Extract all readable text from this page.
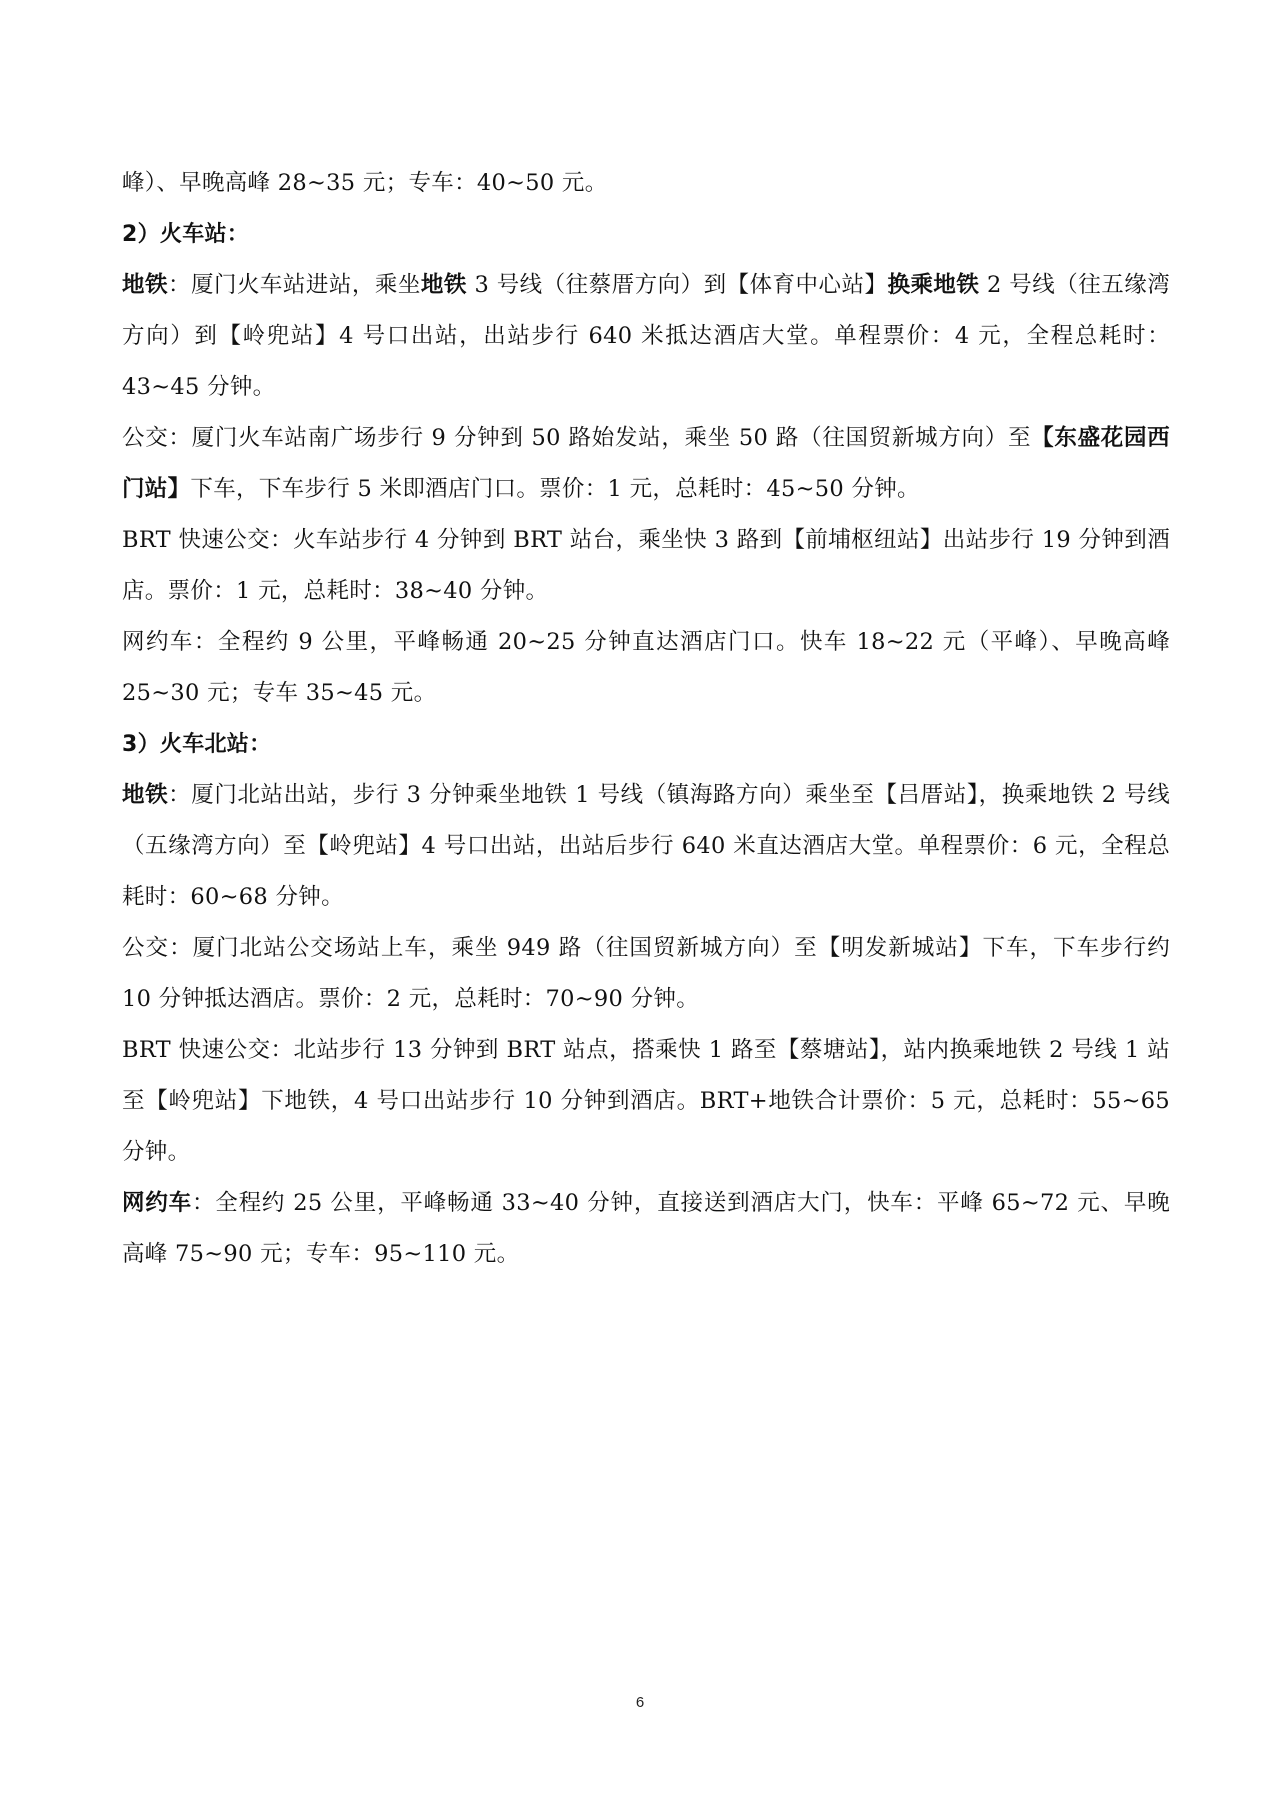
峰）、早晚高峰 28~35 元；专车：40~50 元。

2）火车站：

地铁：厦门火车站进站，乘坐地铁 3 号线（往蔡厝方向）到【体育中心站】换乘地铁 2 号线（往五缘湾方向）到【岭兜站】4 号口出站，出站步行 640 米抵达酒店大堂。单程票价：4 元，全程总耗时：43~45 分钟。

公交：厦门火车站南广场步行 9 分钟到 50 路始发站，乘坐 50 路（往国贸新城方向）至【东盛花园西门站】下车，下车步行 5 米即酒店门口。票价：1 元，总耗时：45~50 分钟。

BRT 快速公交：火车站步行 4 分钟到 BRT 站台，乘坐快 3 路到【前埔枢纽站】出站步行 19 分钟到酒店。票价：1 元，总耗时：38~40 分钟。

网约车：全程约 9 公里，平峰畅通 20~25 分钟直达酒店门口。快车 18~22 元（平峰）、早晚高峰 25~30 元；专车 35~45 元。

3）火车北站：

地铁：厦门北站出站，步行 3 分钟乘坐地铁 1 号线（镇海路方向）乘坐至【吕厝站】，换乘地铁 2 号线（五缘湾方向）至【岭兜站】4 号口出站，出站后步行 640 米直达酒店大堂。单程票价：6 元，全程总耗时：60~68 分钟。

公交：厦门北站公交场站上车，乘坐 949 路（往国贸新城方向）至【明发新城站】下车，下车步行约 10 分钟抵达酒店。票价：2 元，总耗时：70~90 分钟。

BRT 快速公交：北站步行 13 分钟到 BRT 站点，搭乘快 1 路至【蔡塘站】，站内换乘地铁 2 号线 1 站至【岭兜站】下地铁，4 号口出站步行 10 分钟到酒店。BRT+地铁合计票价：5 元，总耗时：55~65 分钟。

网约车：全程约 25 公里，平峰畅通 33~40 分钟，直接送到酒店大门，快车：平峰 65~72 元、早晚高峰 75~90 元；专车：95~110 元。

6
